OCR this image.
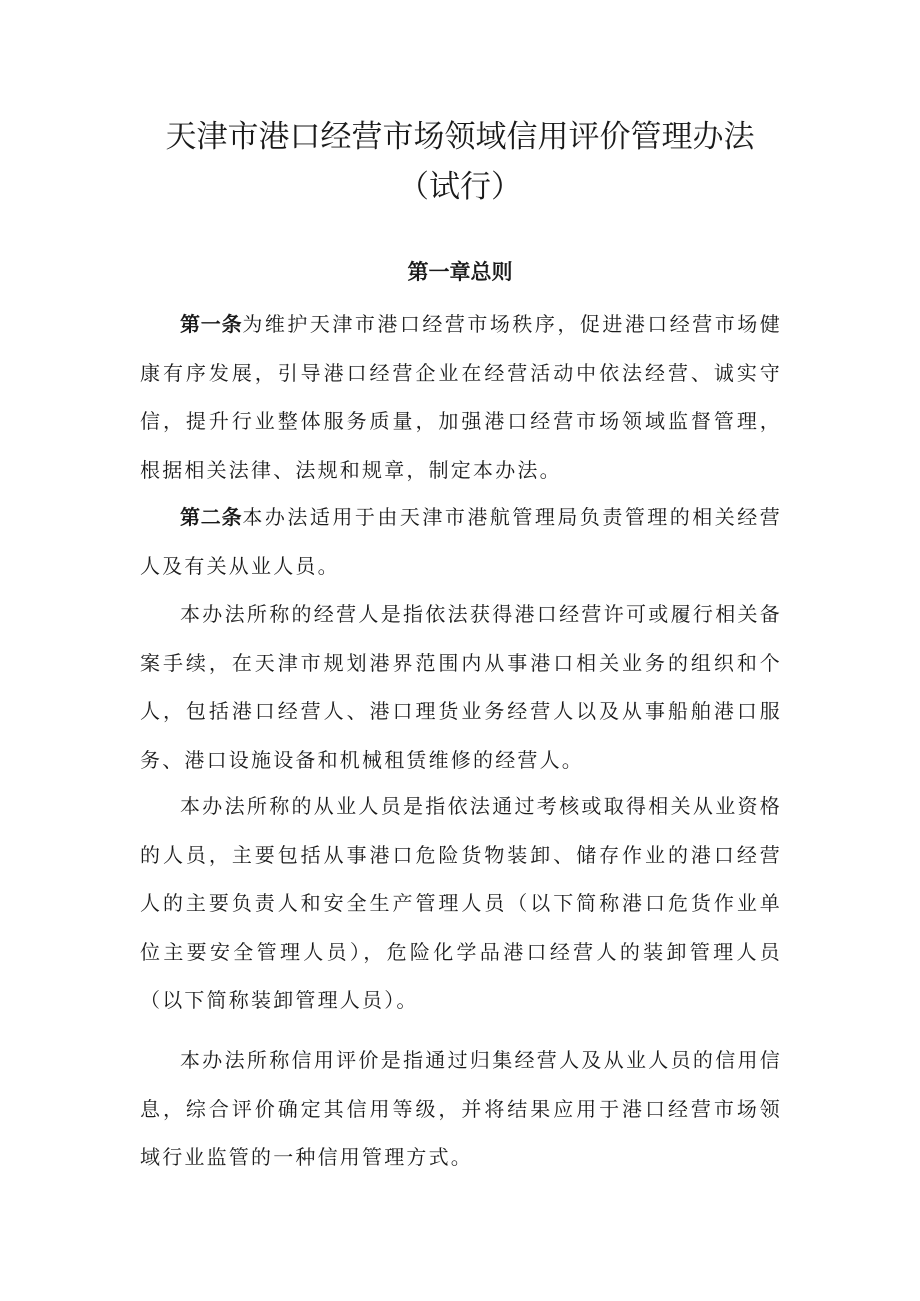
天津市港口经营市场领域信用评价管理办法（试行）
第一章总则

第一条为维护天津市港口经营市场秩序，促进港口经营市场健康有序发展，引导港口经营企业在经营活动中依法经营、诚实守信，提升行业整体服务质量，加强港口经营市场领域监督管理，根据相关法律、法规和规章，制定本办法。

第二条本办法适用于由天津市港航管理局负责管理的相关经营人及有关从业人员。

本办法所称的经营人是指依法获得港口经营许可或履行相关备案手续，在天津市规划港界范围内从事港口相关业务的组织和个人，包括港口经营人、港口理货业务经营人以及从事船舶港口服务、港口设施设备和机械租赁维修的经营人。

本办法所称的从业人员是指依法通过考核或取得相关从业资格的人员，主要包括从事港口危险货物装卸、储存作业的港口经营人的主要负责人和安全生产管理人员（以下简称港口危货作业单位主要安全管理人员），危险化学品港口经营人的装卸管理人员（以下简称装卸管理人员）。

本办法所称信用评价是指通过归集经营人及从业人员的信用信息，综合评价确定其信用等级，并将结果应用于港口经营市场领域行业监管的一种信用管理方式。
